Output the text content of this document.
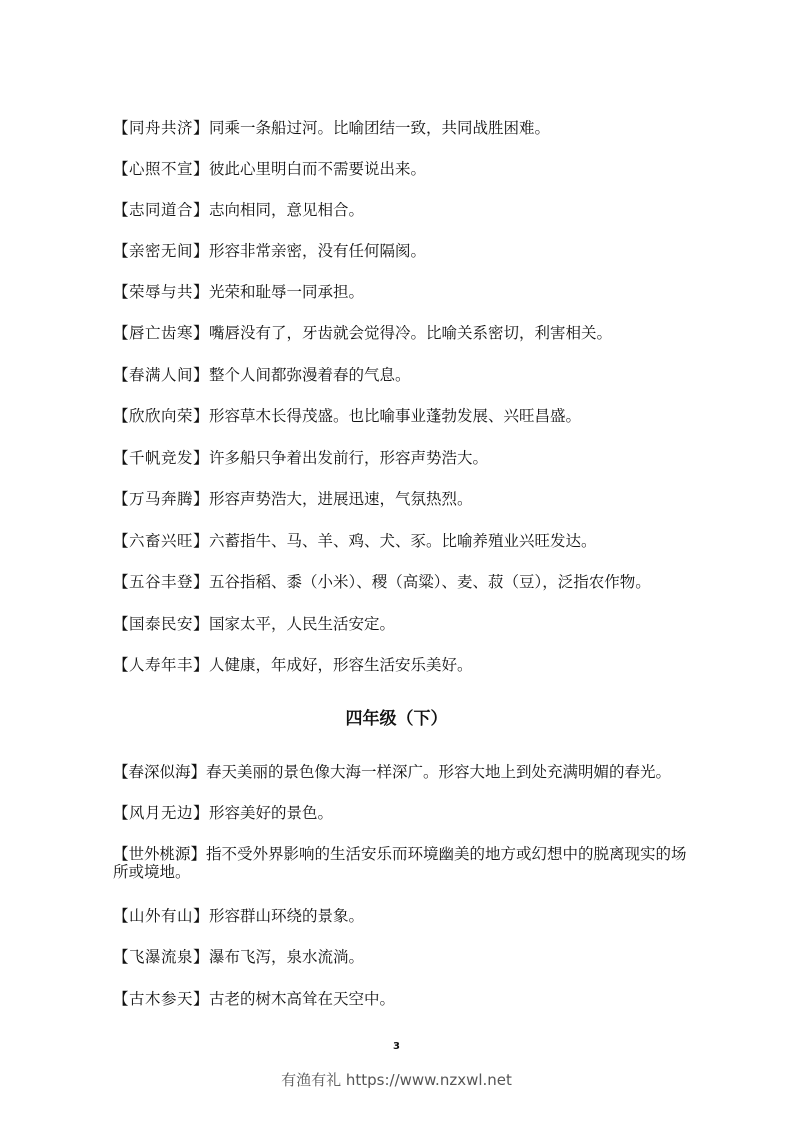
【同舟共济】同乘一条船过河。比喻团结一致，共同战胜困难。
【心照不宣】彼此心里明白而不需要说出来。
【志同道合】志向相同，意见相合。
【亲密无间】形容非常亲密，没有任何隔阂。
【荣辱与共】光荣和耻辱一同承担。
【唇亡齿寒】嘴唇没有了，牙齿就会觉得冷。比喻关系密切，利害相关。
【春满人间】整个人间都弥漫着春的气息。
【欣欣向荣】形容草木长得茂盛。也比喻事业蓬勃发展、兴旺昌盛。
【千帆竞发】许多船只争着出发前行，形容声势浩大。
【万马奔腾】形容声势浩大，进展迅速，气氛热烈。
【六畜兴旺】六蓄指牛、马、羊、鸡、犬、豕。比喻养殖业兴旺发达。
【五谷丰登】五谷指稻、黍（小米）、稷（高粱）、麦、菽（豆），泛指农作物。
【国泰民安】国家太平，人民生活安定。
【人寿年丰】人健康，年成好，形容生活安乐美好。
四年级（下）
【春深似海】春天美丽的景色像大海一样深广。形容大地上到处充满明媚的春光。
【风月无边】形容美好的景色。
【世外桃源】指不受外界影响的生活安乐而环境幽美的地方或幻想中的脱离现实的场所或境地。
【山外有山】形容群山环绕的景象。
【飞瀑流泉】瀑布飞泻，泉水流淌。
【古木参天】古老的树木高耸在天空中。
3
有渔有礼 https://www.nzxwl.net
